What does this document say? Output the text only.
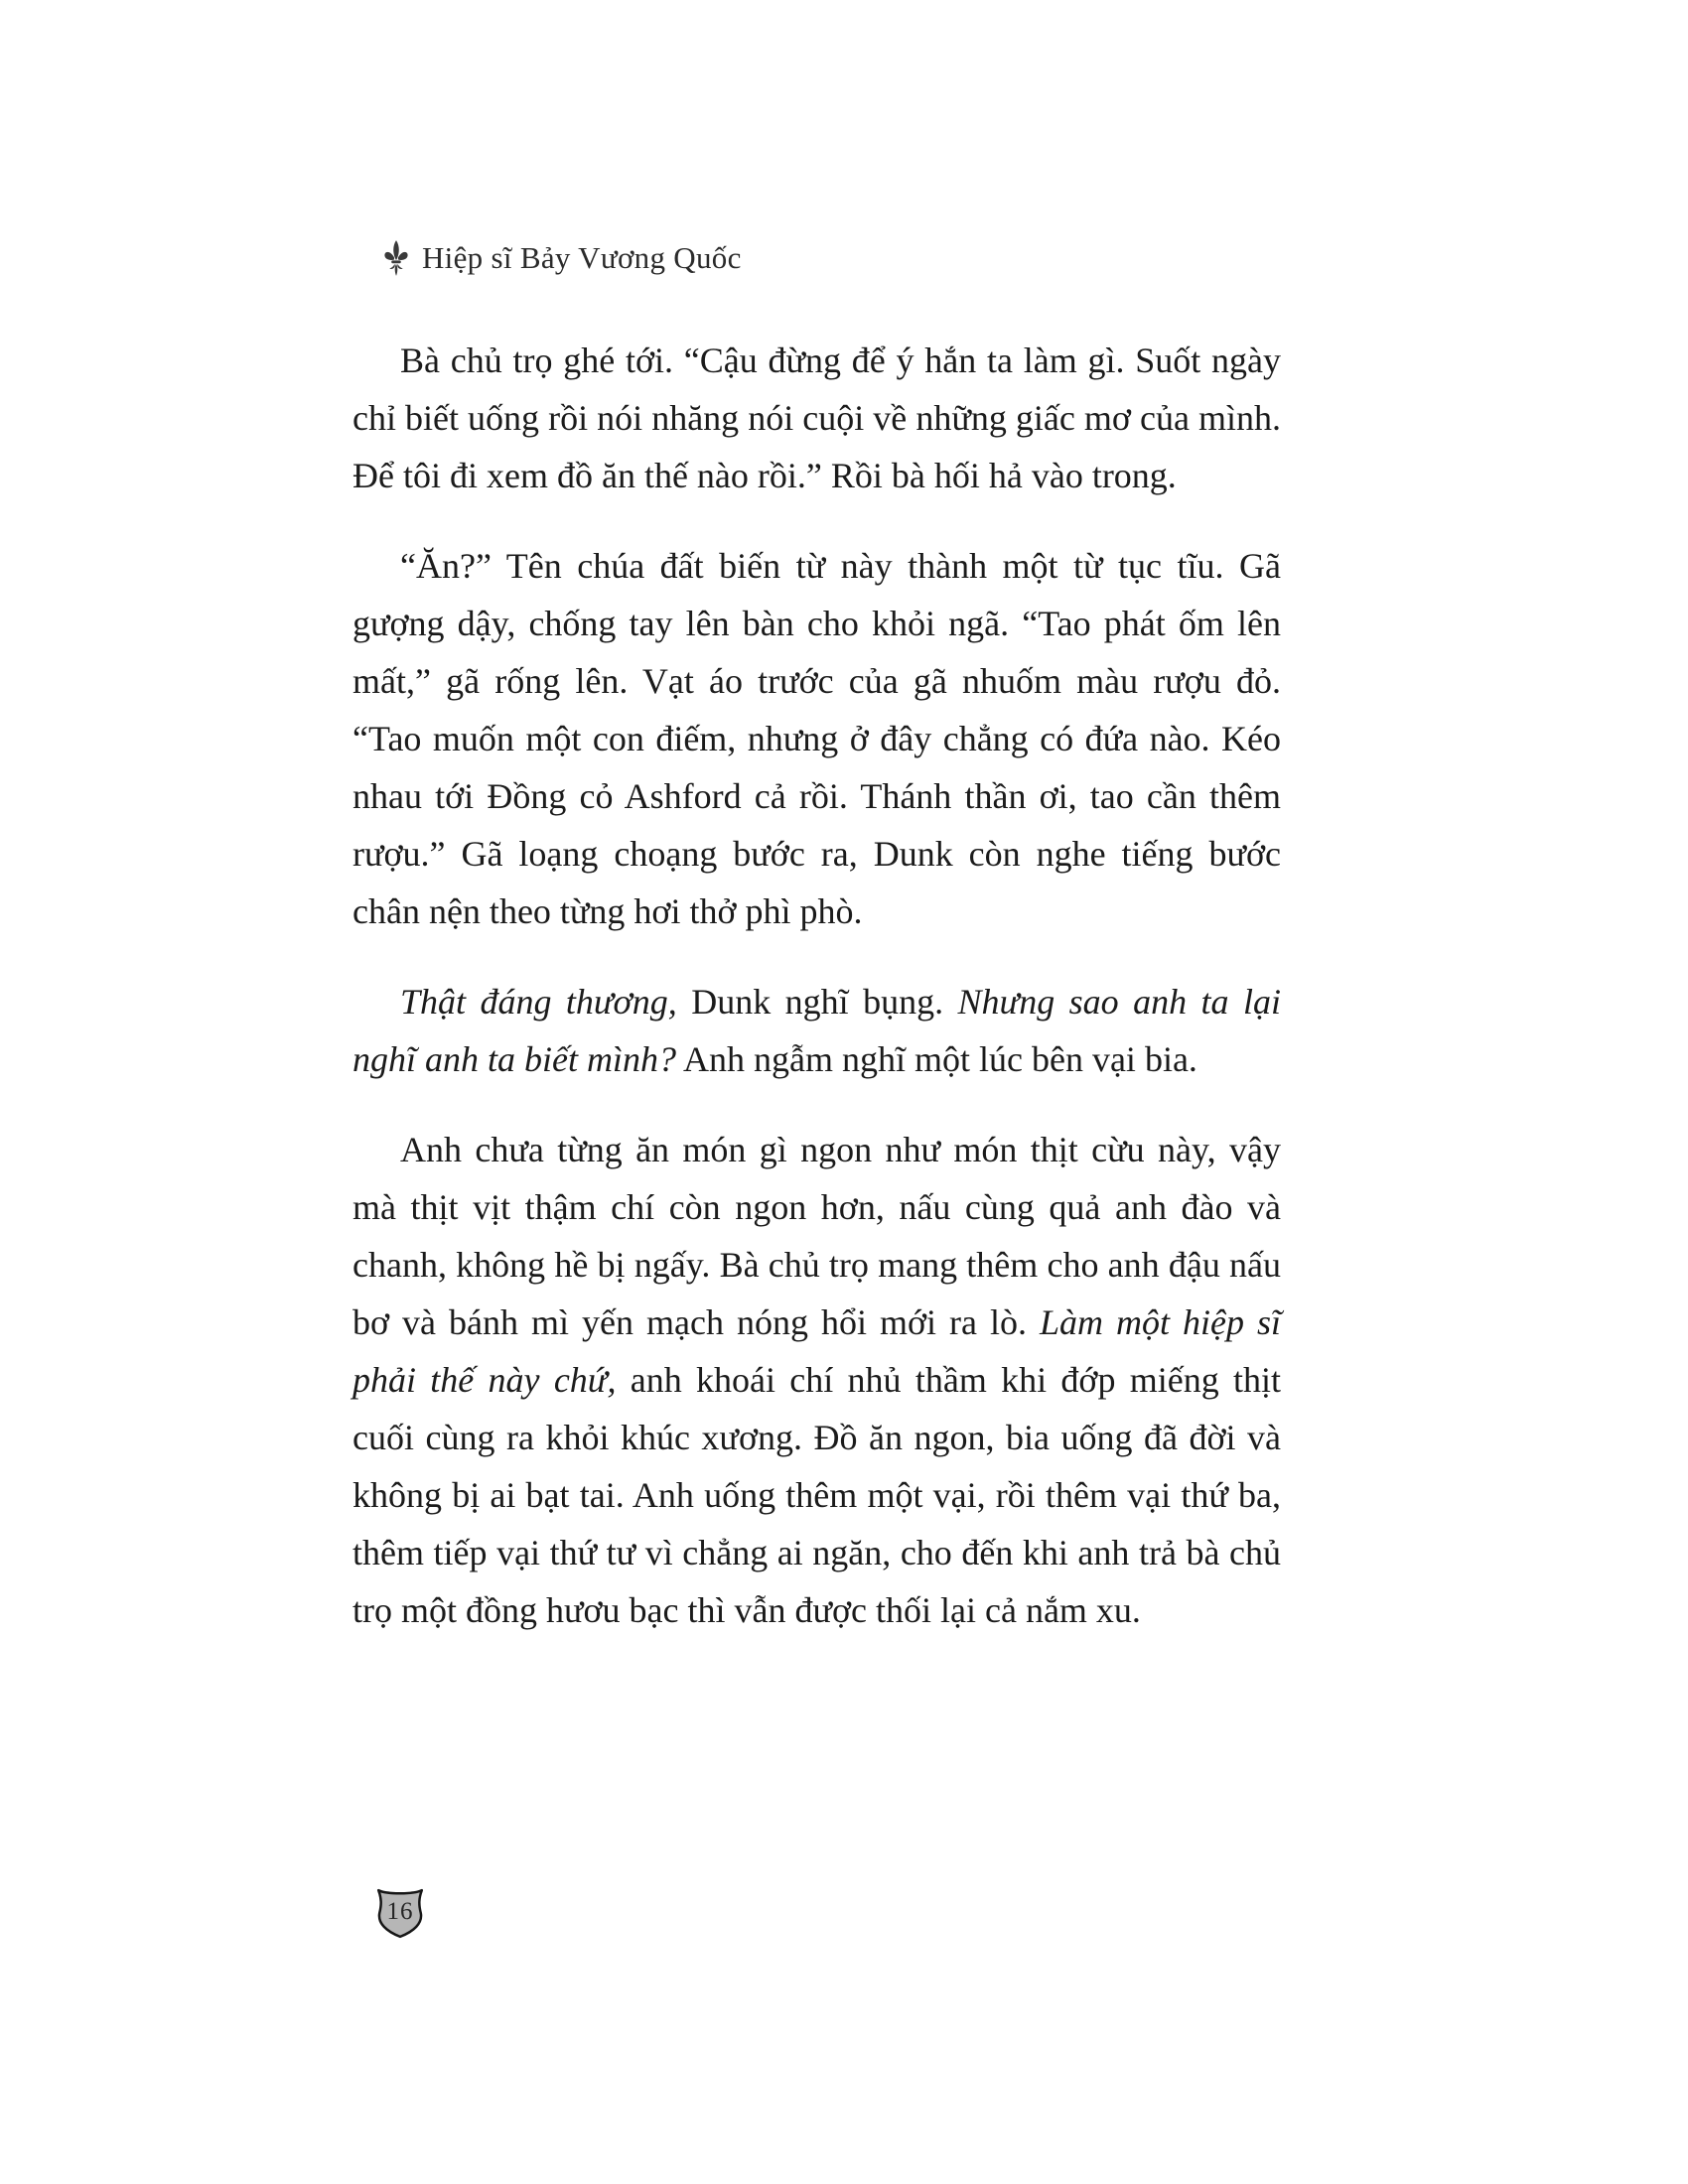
Hiệp sĩ Bảy Vương Quốc

Bà chủ trọ ghé tới. “Cậu đừng để ý hắn ta làm gì. Suốt ngày chỉ biết uống rồi nói nhăng nói cuội về những giấc mơ của mình. Để tôi đi xem đồ ăn thế nào rồi.” Rồi bà hối hả vào trong.

“Ăn?” Tên chúa đất biến từ này thành một từ tục tĩu. Gã gượng dậy, chống tay lên bàn cho khỏi ngã. “Tao phát ốm lên mất,” gã rống lên. Vạt áo trước của gã nhuốm màu rượu đỏ. “Tao muốn một con điếm, nhưng ở đây chẳng có đứa nào. Kéo nhau tới Đồng cỏ Ashford cả rồi. Thánh thần ơi, tao cần thêm rượu.” Gã loạng choạng bước ra, Dunk còn nghe tiếng bước chân nện theo từng hơi thở phì phò.

Thật đáng thương, Dunk nghĩ bụng. Nhưng sao anh ta lại nghĩ anh ta biết mình? Anh ngẫm nghĩ một lúc bên vại bia.

Anh chưa từng ăn món gì ngon như món thịt cừu này, vậy mà thịt vịt thậm chí còn ngon hơn, nấu cùng quả anh đào và chanh, không hề bị ngấy. Bà chủ trọ mang thêm cho anh đậu nấu bơ và bánh mì yến mạch nóng hổi mới ra lò. Làm một hiệp sĩ phải thế này chứ, anh khoái chí nhủ thầm khi đớp miếng thịt cuối cùng ra khỏi khúc xương. Đồ ăn ngon, bia uống đã đời và không bị ai bạt tai. Anh uống thêm một vại, rồi thêm vại thứ ba, thêm tiếp vại thứ tư vì chẳng ai ngăn, cho đến khi anh trả bà chủ trọ một đồng hươu bạc thì vẫn được thối lại cả nắm xu.

16
